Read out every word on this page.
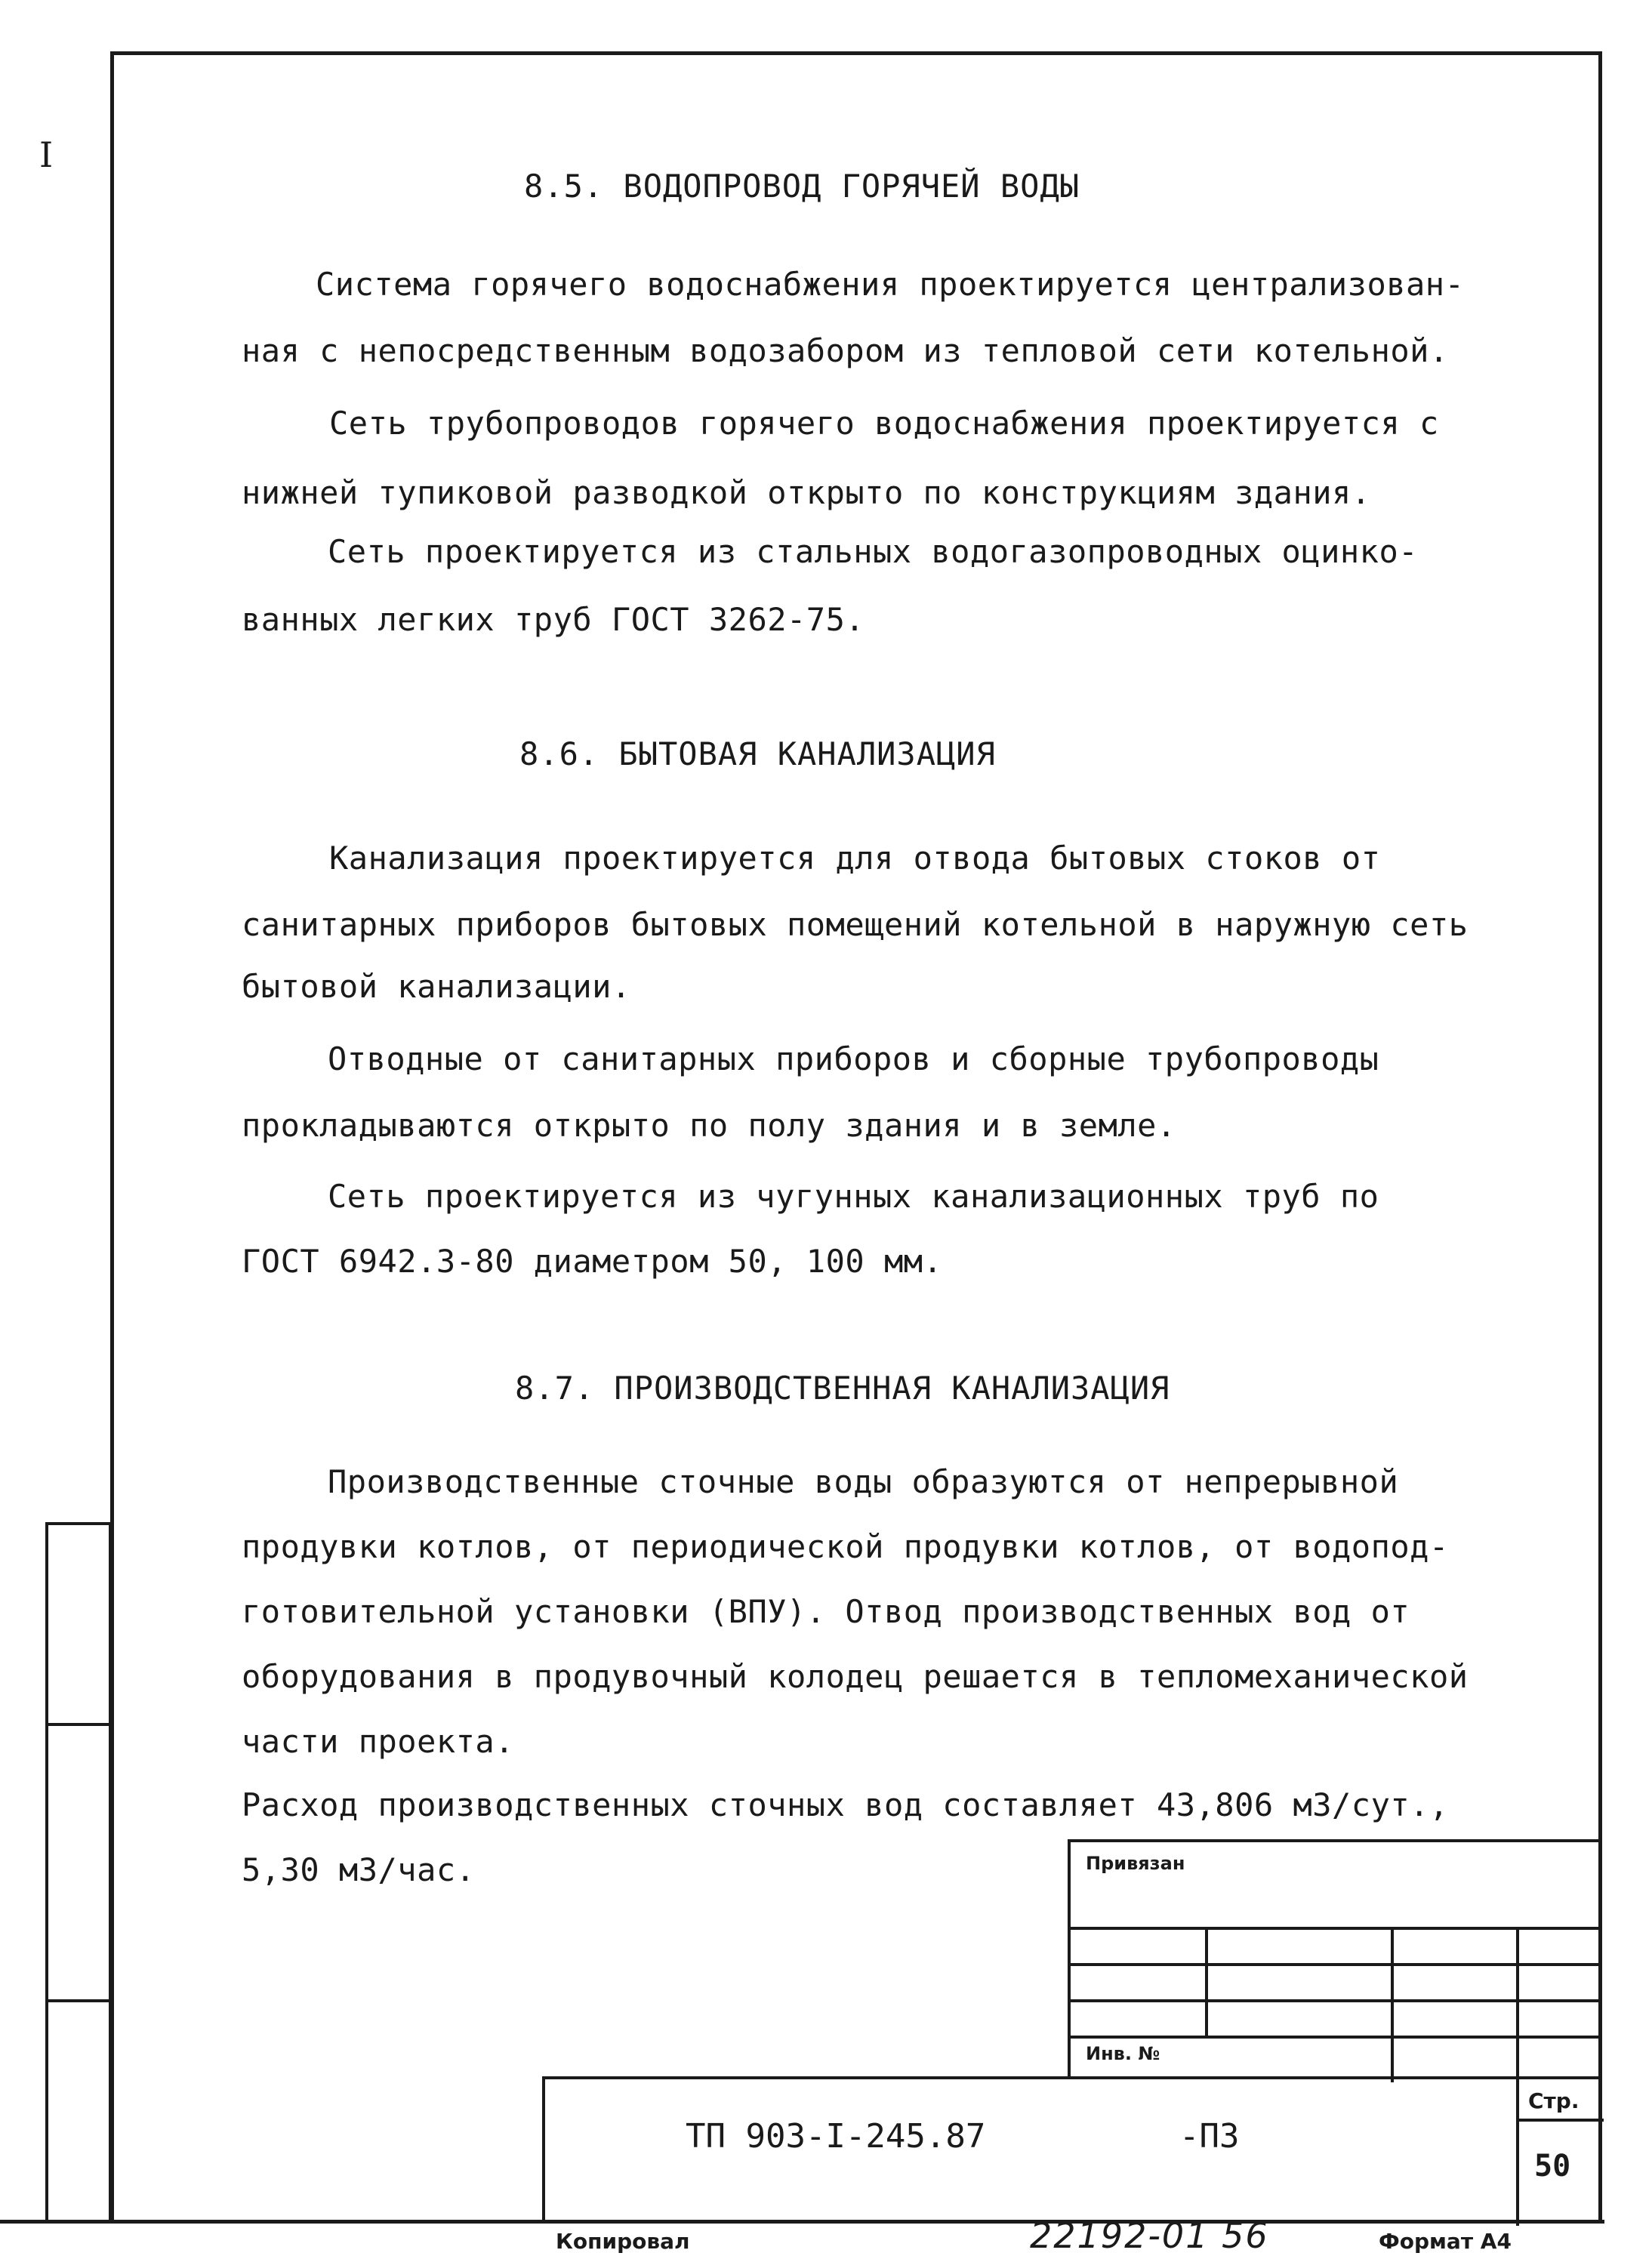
I
8.5. ВОДОПРОВОД ГОРЯЧЕЙ ВОДЫ
Система горячего водоснабжения проектируется централизован-
ная с непосредственным водозабором из тепловой сети котельной.
Сеть трубопроводов горячего водоснабжения проектируется с
нижней тупиковой разводкой открыто по конструкциям здания.
Сеть проектируется из стальных водогазопроводных оцинко-
ванных легких труб ГОСТ 3262-75.
8.6. БЫТОВАЯ КАНАЛИЗАЦИЯ
Канализация проектируется для отвода бытовых стоков от
санитарных приборов бытовых помещений котельной в наружную сеть
бытовой канализации.
Отводные от санитарных приборов и сборные трубопроводы
прокладываются открыто по полу здания и в земле.
Сеть проектируется из чугунных канализационных труб по
ГОСТ 6942.3-80 диаметром 50, 100 мм.
8.7. ПРОИЗВОДСТВЕННАЯ КАНАЛИЗАЦИЯ
Производственные сточные воды образуются от непрерывной
продувки котлов, от периодической продувки котлов, от водопод-
готовительной установки (ВПУ). Отвод производственных вод от
оборудования в продувочный колодец решается в тепломеханической
части проекта.
Расход производственных сточных вод составляет 43,806 м3/сут.,
5,30 м3/час.	Привязан
Инв. №
ТП 903-I-245.87	-ПЗ
Стр.
50
Копировал	22192-01 56	Формат А4
